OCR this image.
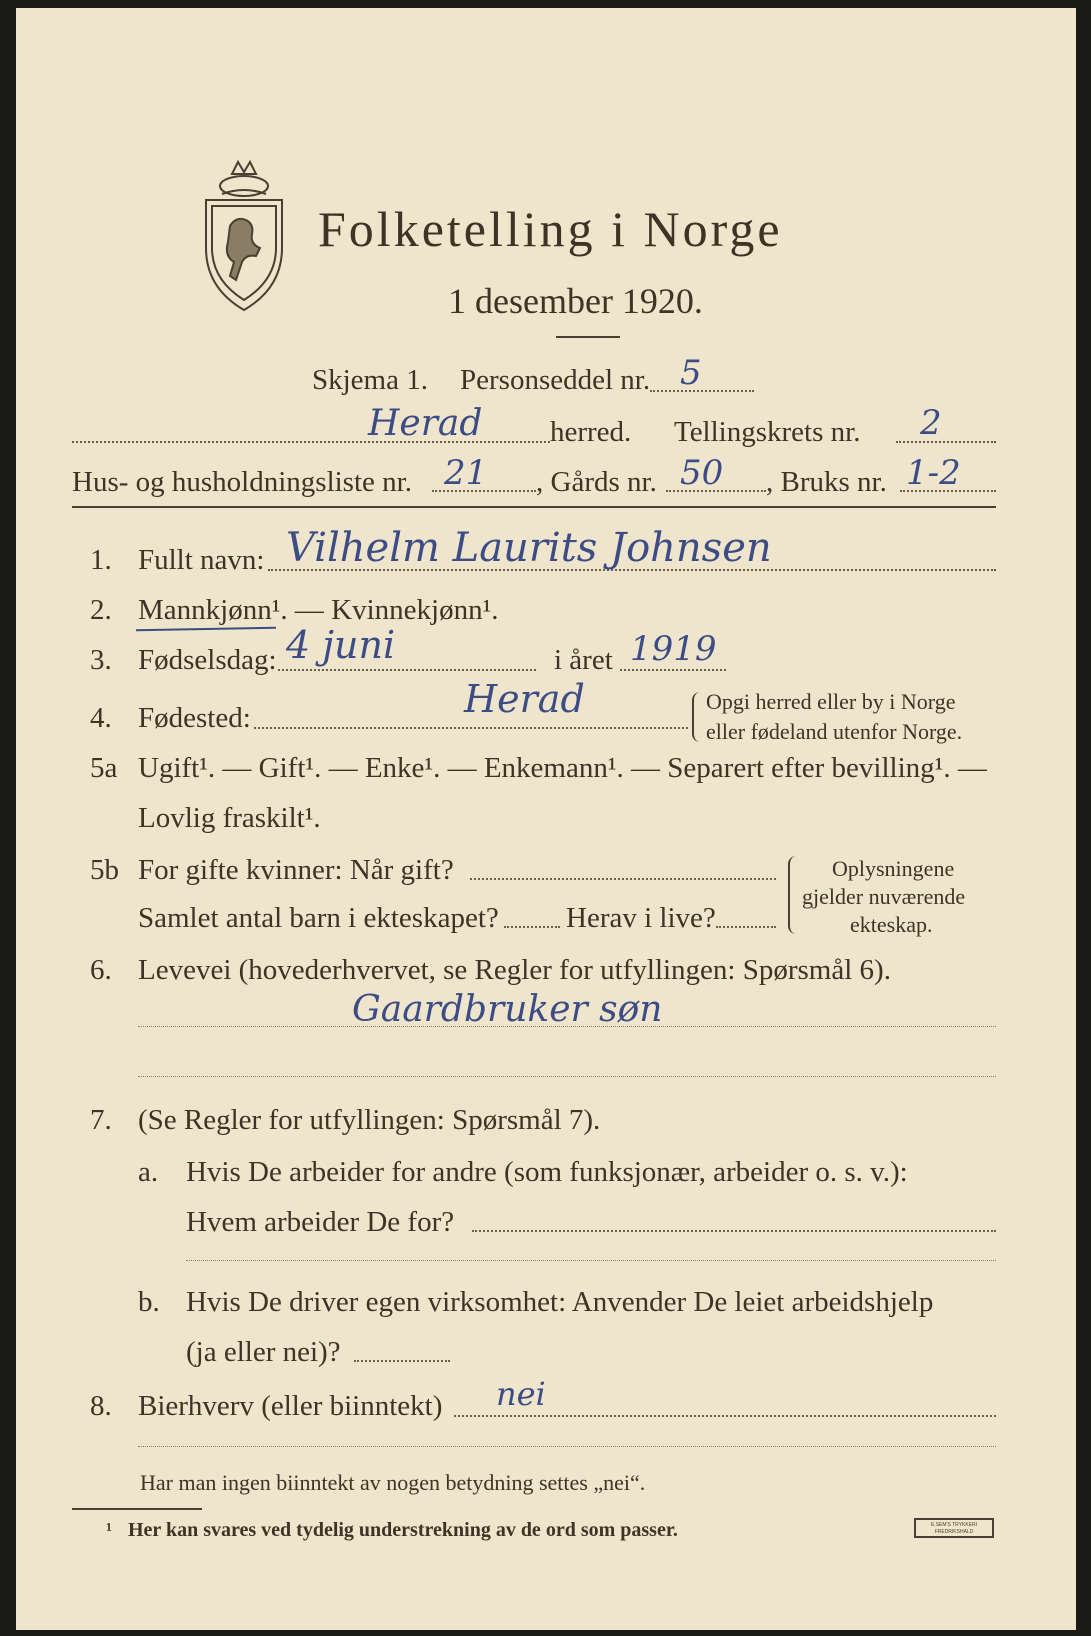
Folketelling i Norge
1 desember 1920.
Skjema 1. Personseddel nr. 5
Herad herred. Tellingskrets nr. 2
Hus- og husholdningsliste nr. 21 , Gårds nr. 50 , Bruks nr. 1-2
1. Fullt navn: Vilhelm Laurits Johnsen
2. Mannkjønn¹. — Kvinnekjønn¹.
3. Fødselsdag: 4 juni	i året 1919
4. Fødested:	Herad	Opgi herred eller by i Norge
eller fødeland utenfor Norge.
5a Ugift¹. — Gift¹. — Enke¹. — Enkemann¹. — Separert efter bevilling¹. —
Lovlig fraskilt¹.
5b For gifte kvinner: Når gift?
Samlet antal barn i ekteskapet? Herav i live?
Oplysningene
gjelder nuværende
ekteskap.
6. Levevei (hovederhvervet, se Regler for utfyllingen: Spørsmål 6).
Gaardbruker søn
7. (Se Regler for utfyllingen: Spørsmål 7).
a. Hvis De arbeider for andre (som funksjonær, arbeider o. s. v.):
Hvem arbeider De for?
b. Hvis De driver egen virksomhet: Anvender De leiet arbeidshjelp
(ja eller nei)?
8. Bierhverv (eller biinntekt) nei
Har man ingen biinntekt av nogen betydning settes „nei“.
¹ Her kan svares ved tydelig understrekning av de ord som passer.	E.SEM'S TRYKKERI FREDRIKSHALD
